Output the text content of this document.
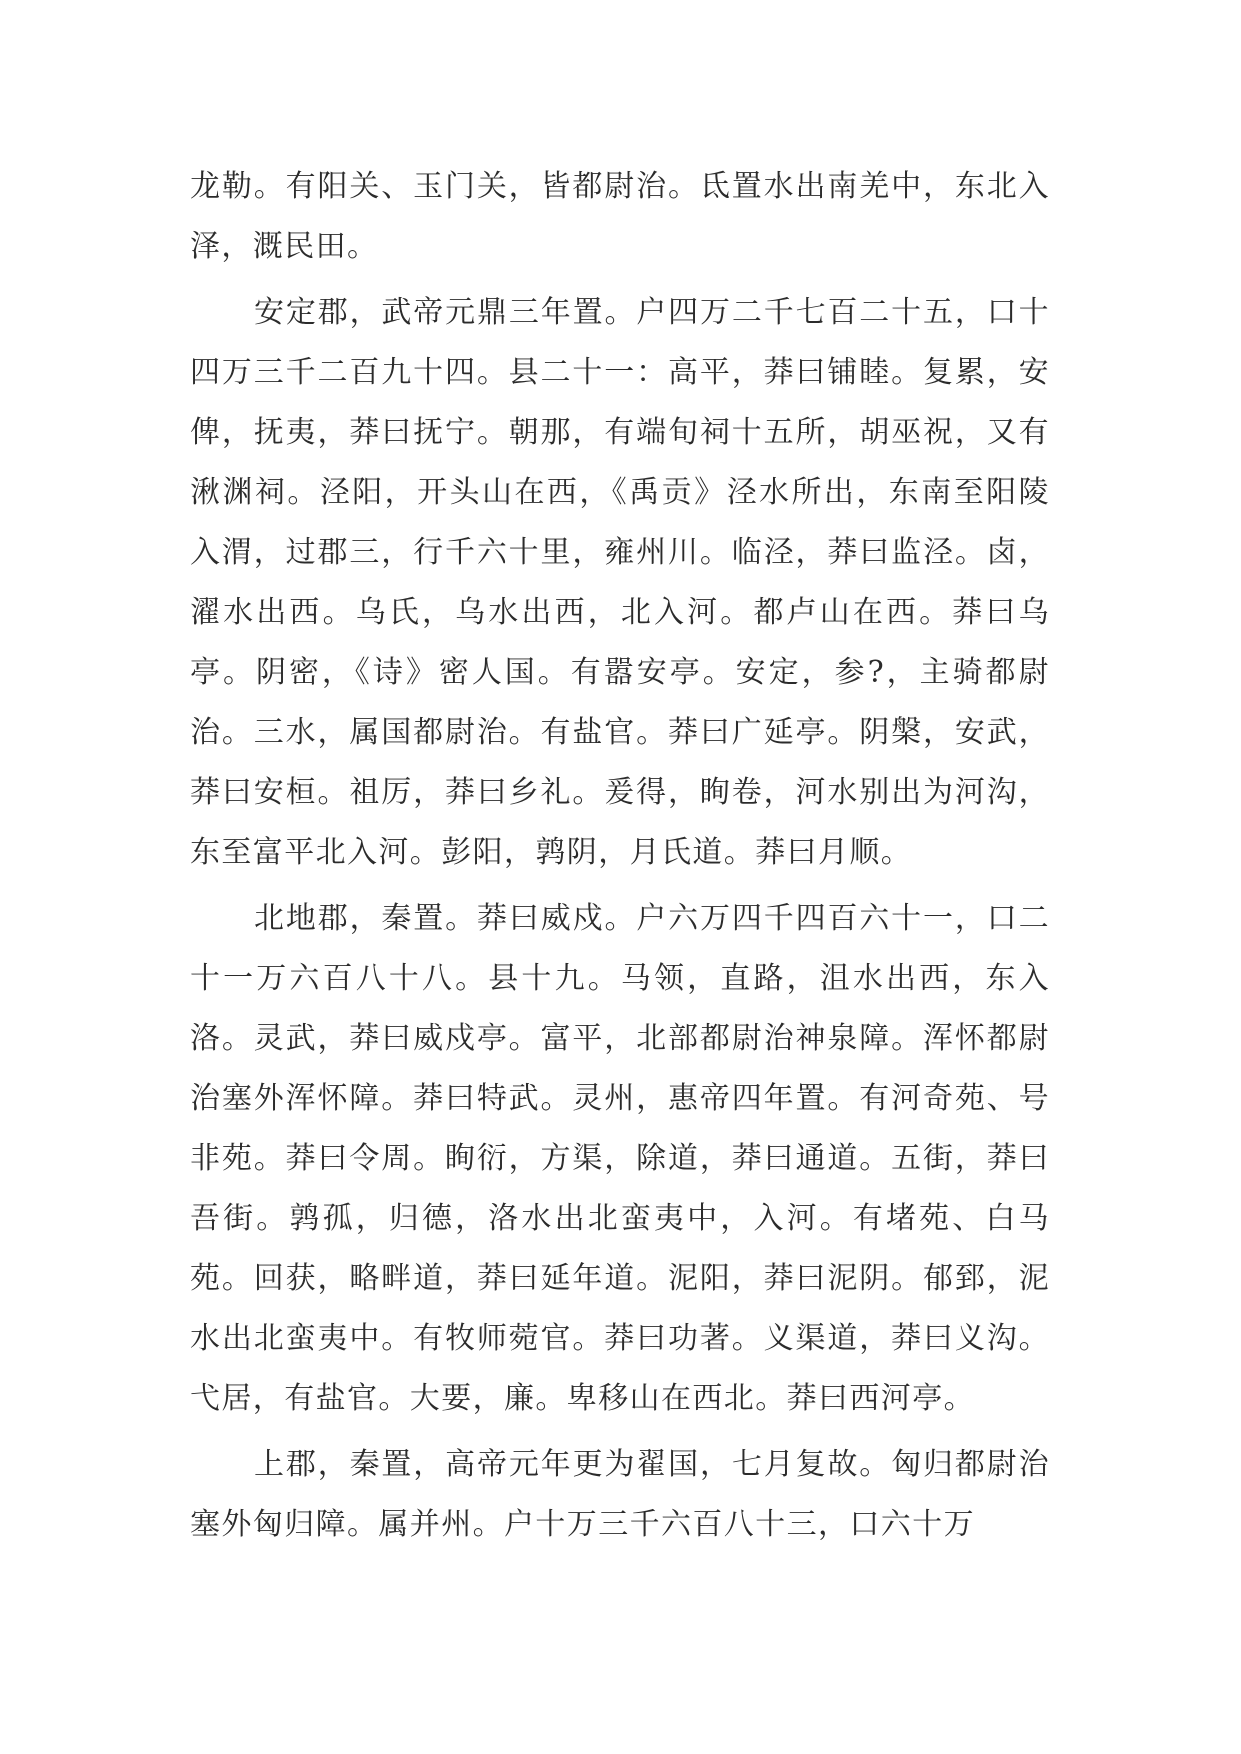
龙勒。有阳关、玉门关，皆都尉治。氐置水出南羌中，东北入泽，溉民田。

安定郡，武帝元鼎三年置。户四万二千七百二十五，口十四万三千二百九十四。县二十一：高平，莽曰铺睦。复累，安俾，抚夷，莽曰抚宁。朝那，有端旬祠十五所，胡巫祝，又有湫渊祠。泾阳，开头山在西，《禹贡》泾水所出，东南至阳陵入渭，过郡三，行千六十里，雍州川。临泾，莽曰监泾。卤，濯水出西。乌氏，乌水出西，北入河。都卢山在西。莽曰乌亭。阴密，《诗》密人国。有嚣安亭。安定，参?，主骑都尉治。三水，属国都尉治。有盐官。莽曰广延亭。阴槃，安武，莽曰安桓。祖厉，莽曰乡礼。爰得，眴卷，河水别出为河沟，东至富平北入河。彭阳，鹑阴，月氏道。莽曰月顺。

北地郡，秦置。莽曰威戍。户六万四千四百六十一，口二十一万六百八十八。县十九。马领，直路，沮水出西，东入洛。灵武，莽曰威戍亭。富平，北部都尉治神泉障。浑怀都尉治塞外浑怀障。莽曰特武。灵州，惠帝四年置。有河奇苑、号非苑。莽曰令周。眴衍，方渠，除道，莽曰通道。五街，莽曰吾街。鹑孤，归德，洛水出北蛮夷中，入河。有堵苑、白马苑。回获，略畔道，莽曰延年道。泥阳，莽曰泥阴。郁郅，泥水出北蛮夷中。有牧师菀官。莽曰功著。义渠道，莽曰义沟。弋居，有盐官。大要，廉。卑移山在西北。莽曰西河亭。

上郡，秦置，高帝元年更为翟国，七月复故。匈归都尉治塞外匈归障。属并州。户十万三千六百八十三，口六十万
